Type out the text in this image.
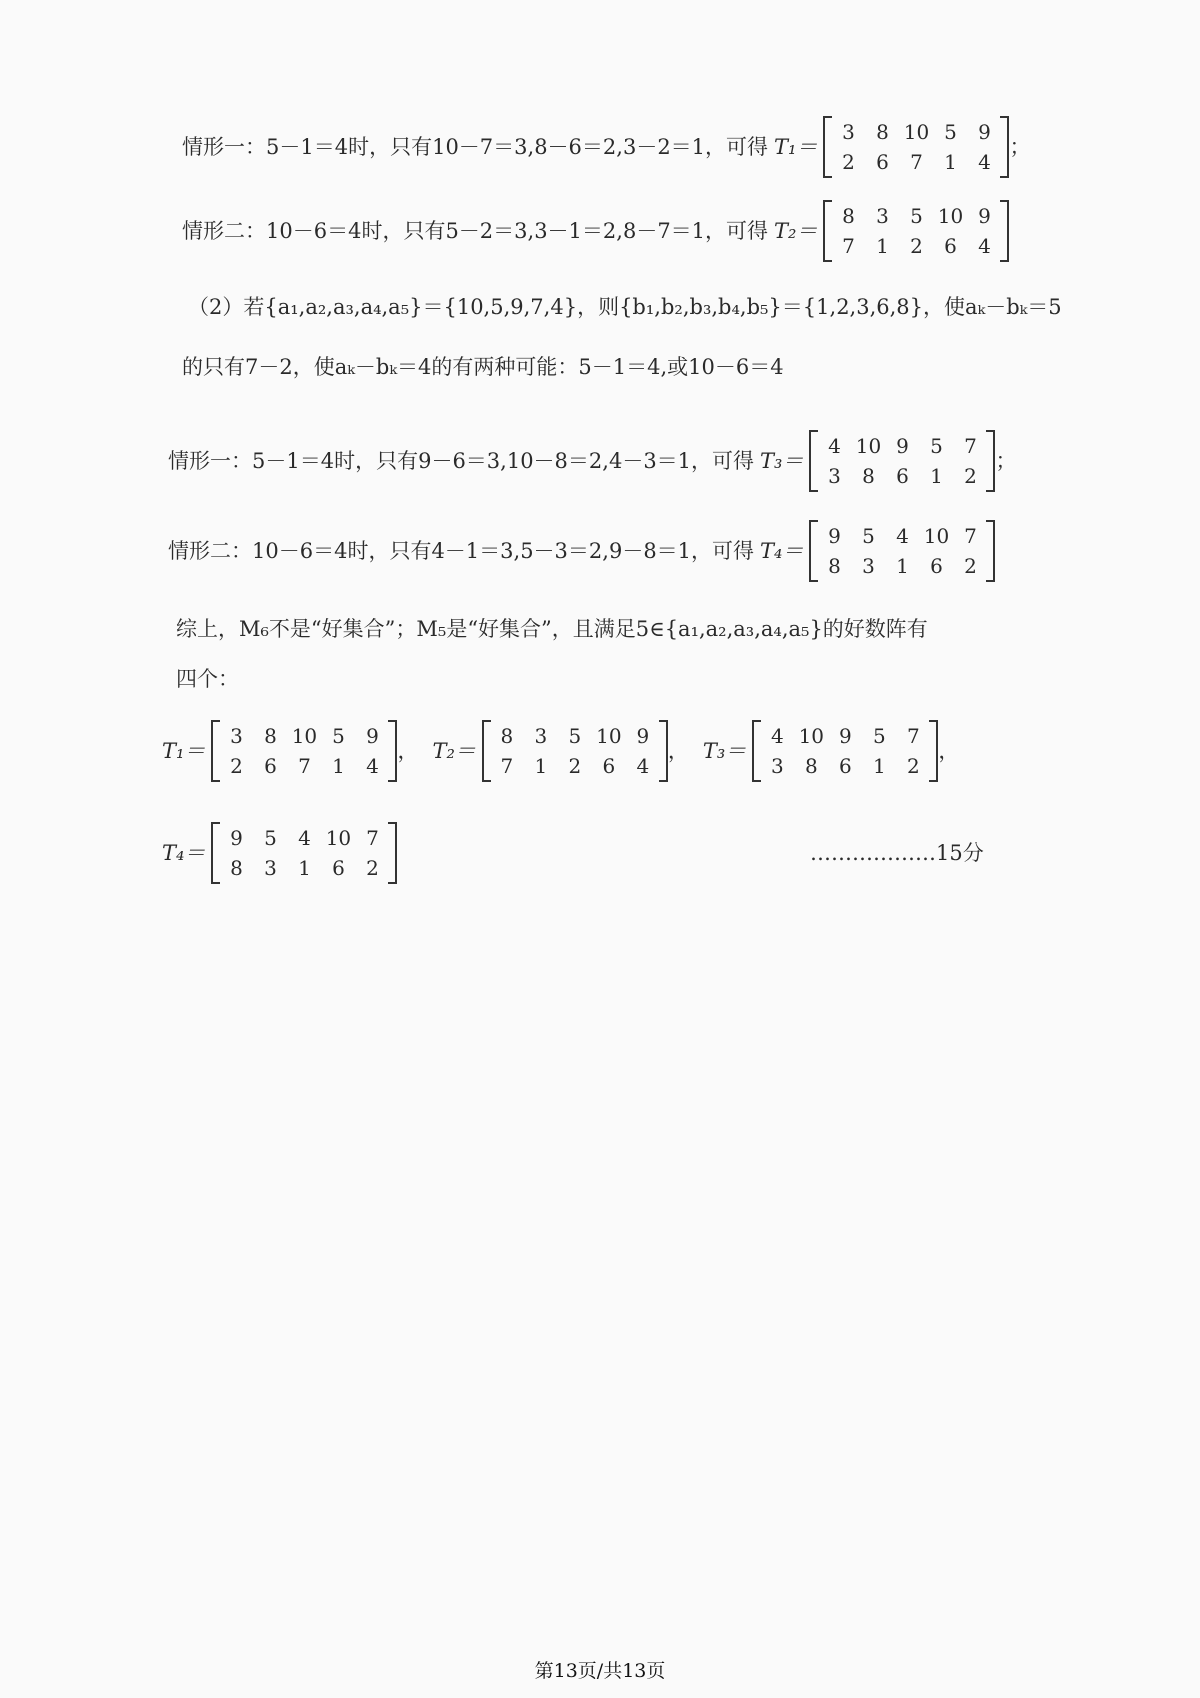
情形一：5－1＝4时，只有10－7＝3,8－6＝2,3－2＝1，可得 T₁＝
3	8 10 5	9
2	6	7	1	4
；
情形二：10－6＝4时，只有5－2＝3,3－1＝2,8－7＝1，可得 T₂＝
8	3	5 10 9
7	1	2	6	4
（2）若{a₁,a₂,a₃,a₄,a₅}＝{10,5,9,7,4}，则{b₁,b₂,b₃,b₄,b₅}＝{1,2,3,6,8}，使aₖ－bₖ＝5
的只有7－2，使aₖ－bₖ＝4的有两种可能：5－1＝4,或10－6＝4
情形一：5－1＝4时，只有9－6＝3,10－8＝2,4－3＝1，可得 T₃＝
4 10 9	5	7
3	8	6	1	2
；
情形二：10－6＝4时，只有4－1＝3,5－3＝2,9－8＝1，可得 T₄＝
9	5	4 10 7
8	3	1	6	2
综上，M₆不是“好集合”；M₅是“好集合”，且满足5∈{a₁,a₂,a₃,a₄,a₅}的好数阵有
四个：
T₁＝
3	8 10 5	9
2	6	7	1	4
， T₂＝
8	3	5 10 9
7	1	2	6	4
， T₃＝
4 10 9	5	7
3	8	6	1	2
，
T₄＝
9	5	4 10 7
8	3	1	6	2
………………15分
第13页/共13页
